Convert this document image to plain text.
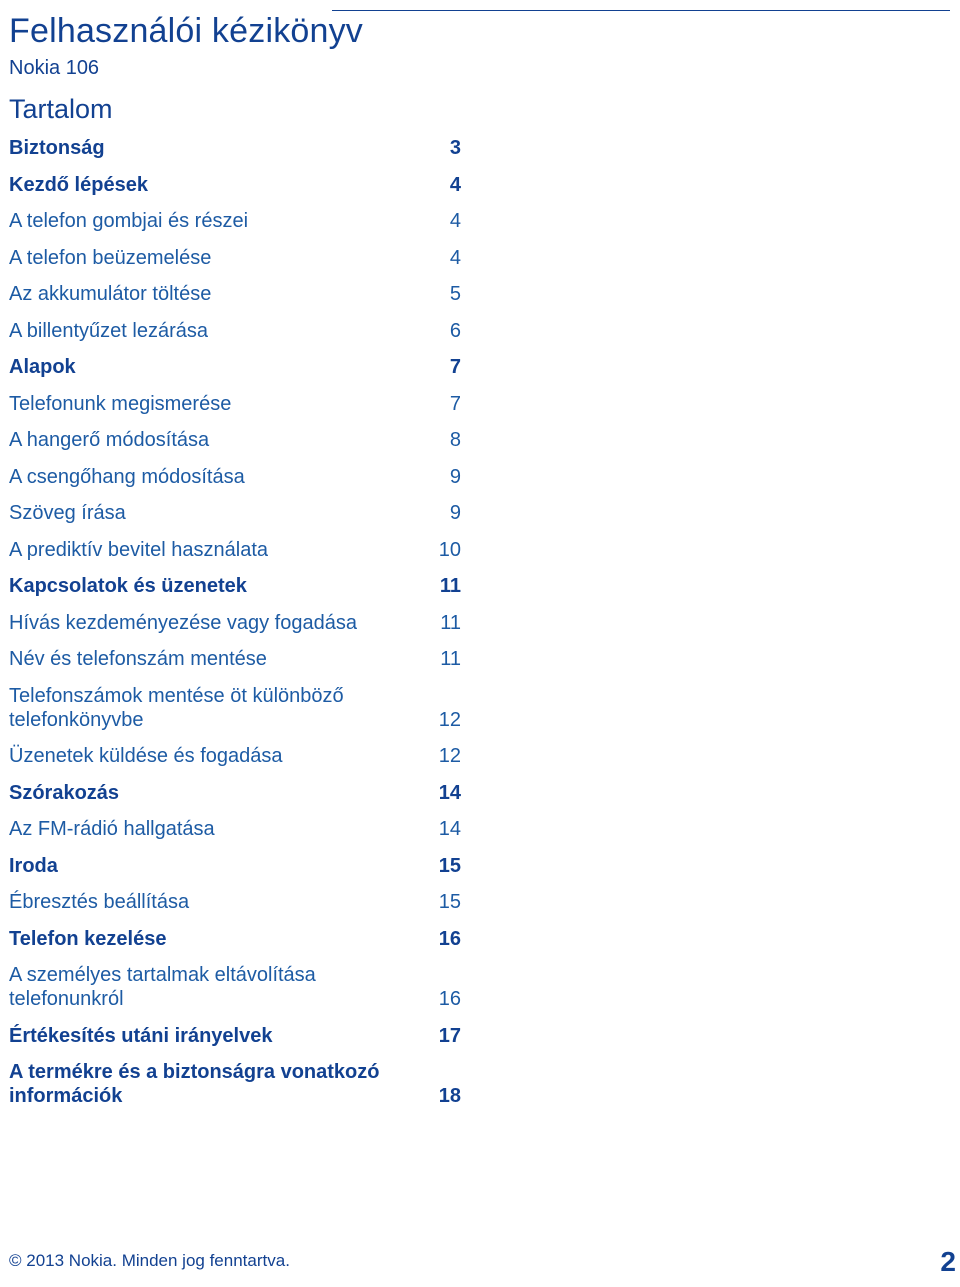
Felhasználói kézikönyv
Nokia 106
Tartalom
Biztonság	3
Kezdő lépések	4
A telefon gombjai és részei	4
A telefon beüzemelése	4
Az akkumulátor töltése	5
A billentyűzet lezárása	6
Alapok	7
Telefonunk megismerése	7
A hangerő módosítása	8
A csengőhang módosítása	9
Szöveg írása	9
A prediktív bevitel használata	10
Kapcsolatok és üzenetek	11
Hívás kezdeményezése vagy fogadása	11
Név és telefonszám mentése	11
Telefonszámok mentése öt különböző telefonkönyvbe	12
Üzenetek küldése és fogadása	12
Szórakozás	14
Az FM-rádió hallgatása	14
Iroda	15
Ébresztés beállítása	15
Telefon kezelése	16
A személyes tartalmak eltávolítása telefonunkról	16
Értékesítés utáni irányelvek	17
A termékre és a biztonságra vonatkozó információk	18
© 2013 Nokia. Minden jog fenntartva.	2
